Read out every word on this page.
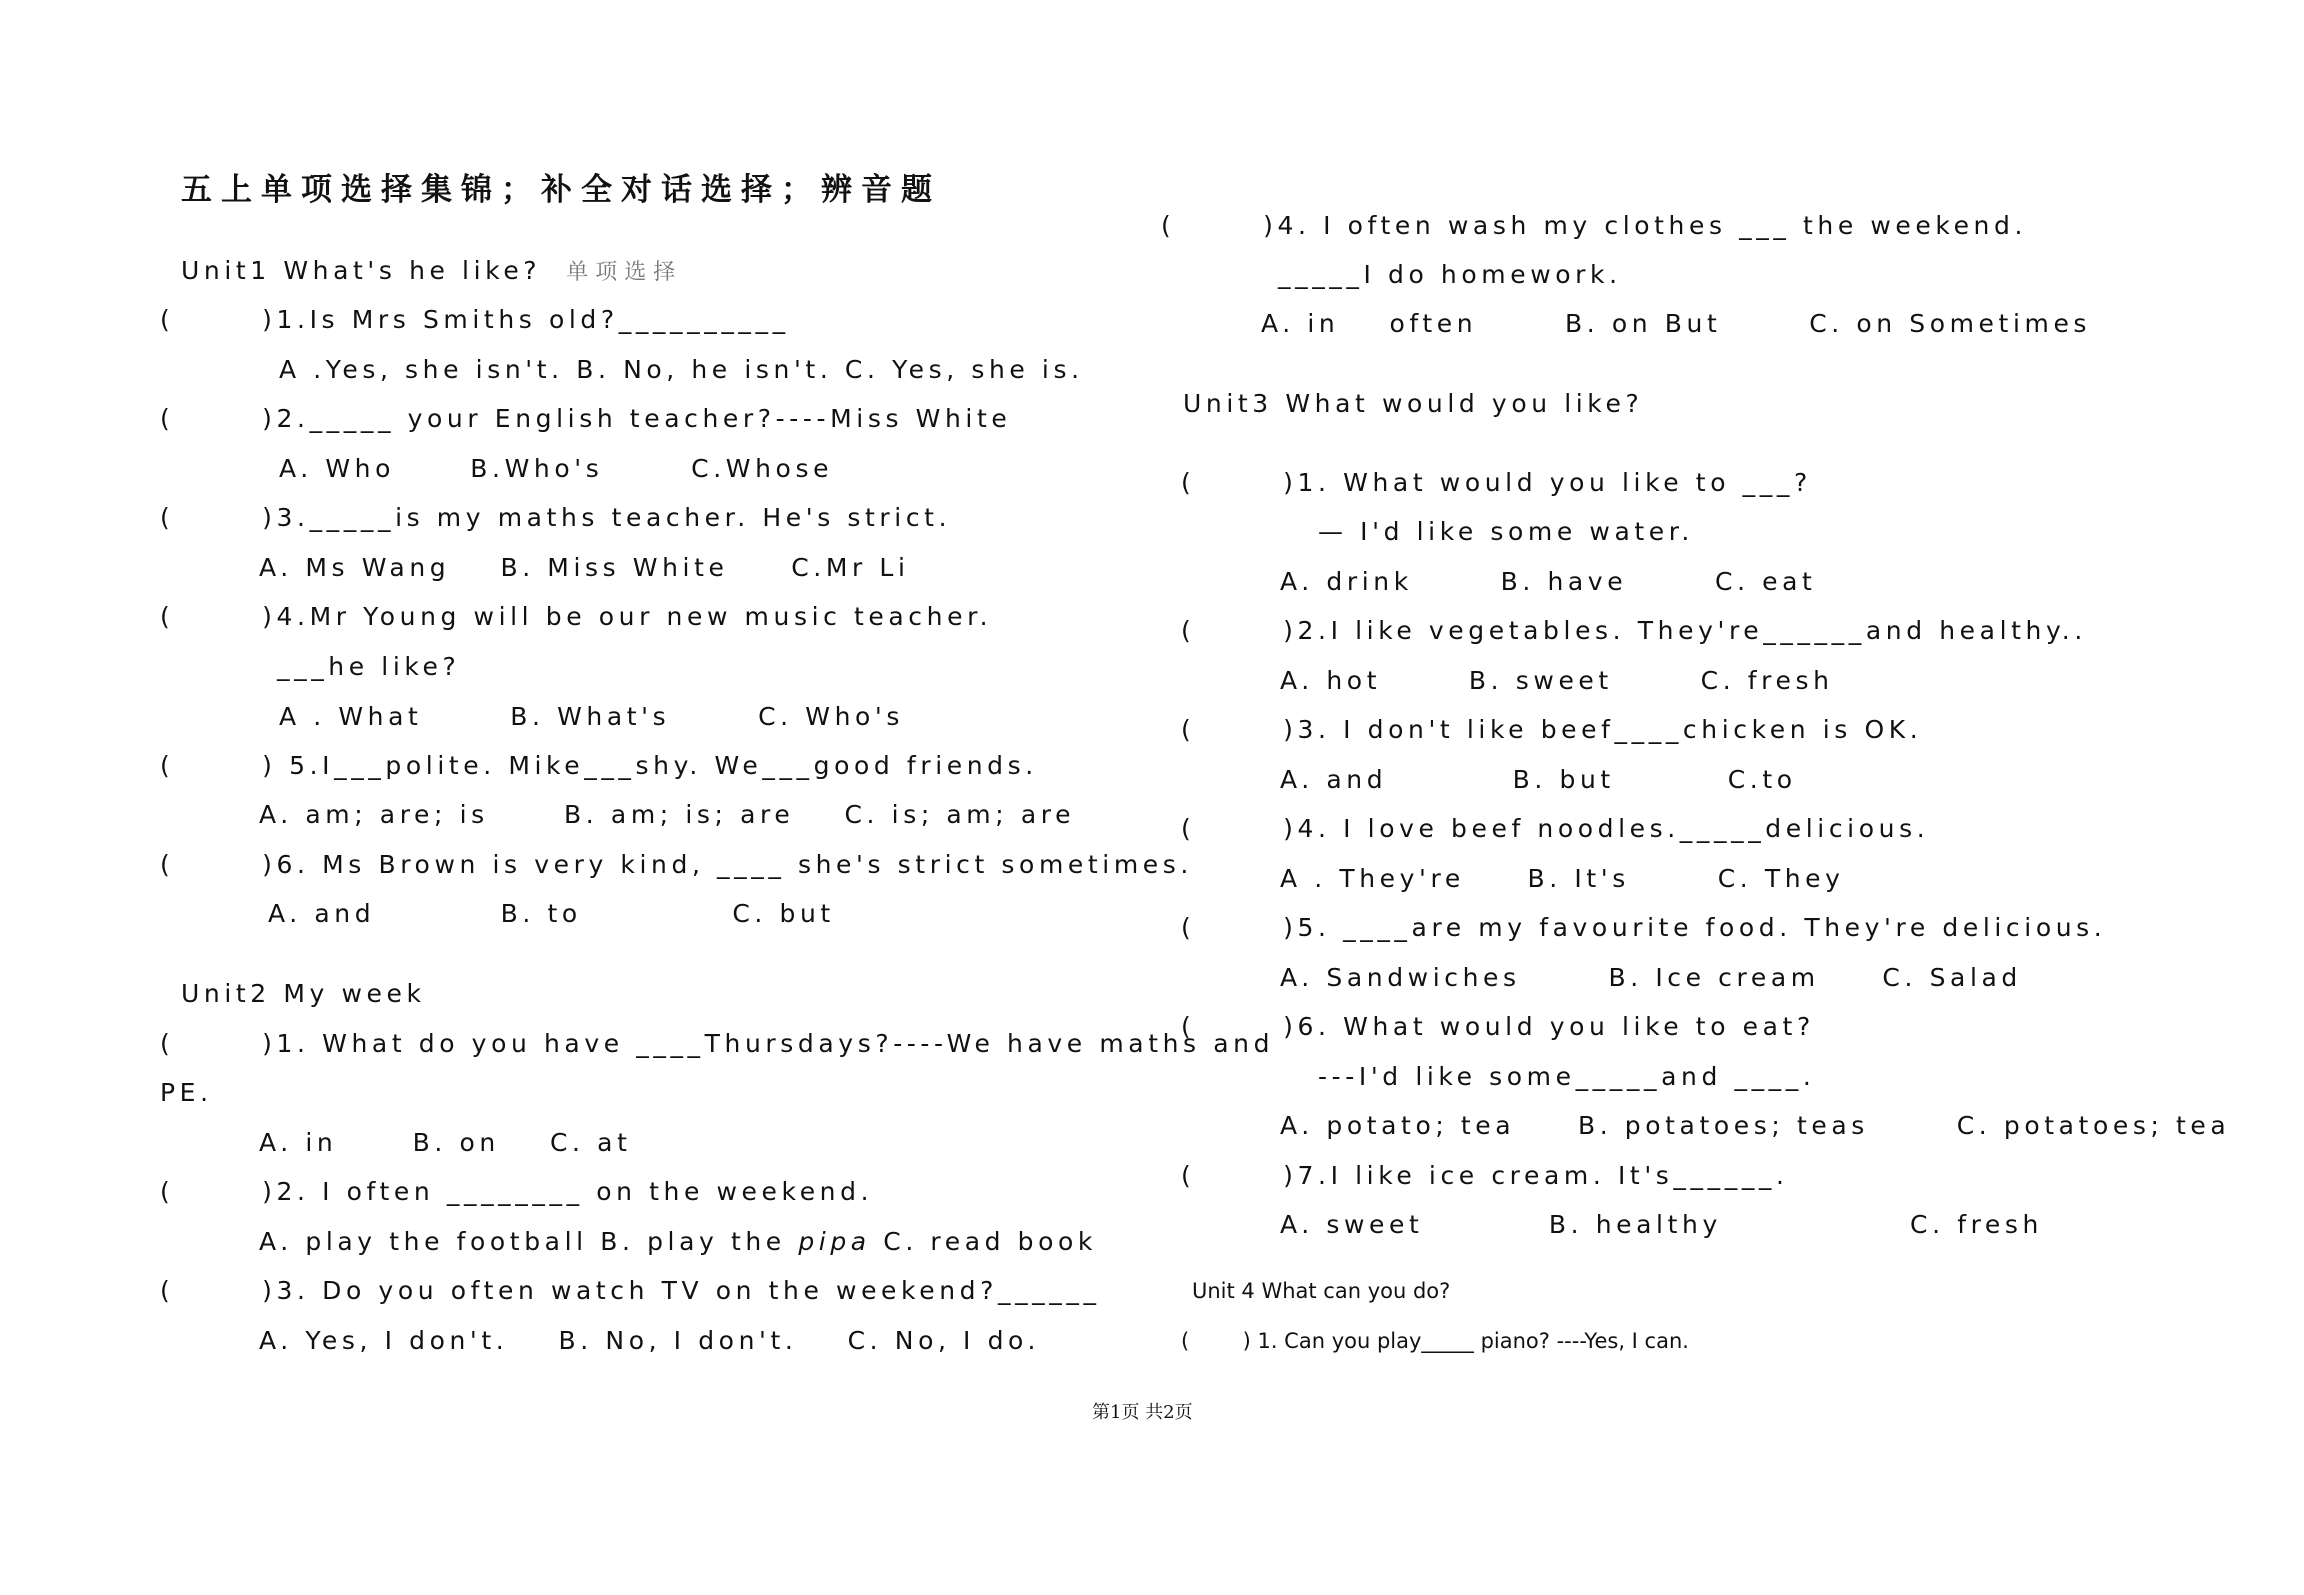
五上单项选择集锦；补全对话选择；辨音题
Unit1 What's he like? 单项选择
(       )1.Is Mrs Smiths old?__________
A .Yes, she isn't. B. No, he isn't. C. Yes, she is.
(       )2._____ your English teacher?----Miss White
A. Who      B.Who's       C.Whose
(       )3._____is my maths teacher. He's strict.
A. Ms Wang    B. Miss White     C.Mr Li
(       )4.Mr Young will be our new music teacher.
___he like?
A . What       B. What's       C. Who's
(       ) 5.I___polite. Mike___shy. We___good friends.
A. am; are; is      B. am; is; are    C. is; am; are
(       )6. Ms Brown is very kind, ____ she's strict sometimes.
A. and          B. to            C. but
Unit2 My week
(       )1. What do you have ____Thursdays?----We have maths and
PE.
A. in      B. on    C. at
(       )2. I often ________ on the weekend.
A. play the football B. play the pipa C. read book
(       )3. Do you often watch TV on the weekend?______
A. Yes, I don't.    B. No, I don't.    C. No, I do.
(       )4. I often wash my clothes ___ the weekend.
_____I do homework.
A. in    often       B. on But       C. on Sometimes
Unit3 What would you like?
(       )1. What would you like to ___?
— I'd like some water.
A. drink       B. have       C. eat
(       )2.I like vegetables. They're______and healthy..
A. hot       B. sweet       C. fresh
(       )3. I don't like beef____chicken is OK.
A. and          B. but         C.to
(       )4. I love beef noodles._____delicious.
A . They're     B. It's       C. They
(       )5. ____are my favourite food. They're delicious.
A. Sandwiches       B. Ice cream     C. Salad
(       )6. What would you like to eat?
---I'd like some_____and ____.
A. potato; tea     B. potatoes; teas       C. potatoes; tea
(       )7.I like ice cream. It's______.
A. sweet          B. healthy               C. fresh
Unit 4 What can you do?
(        ) 1. Can you play_____ piano? ----Yes, I can.
第1页 共2页
